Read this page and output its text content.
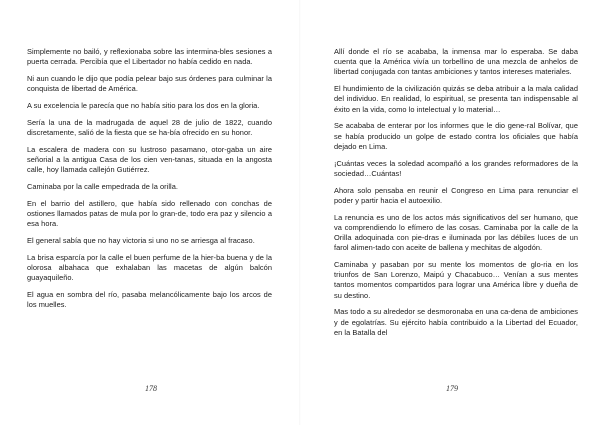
Simplemente no bailó, y reflexionaba sobre las intermina-bles sesiones a puerta cerrada. Percibía que el Libertador no había cedido en nada.

Ni aun cuando le dijo que podía pelear bajo sus órdenes para culminar la conquista de libertad de América.

A su excelencia le parecía que no había sitio para los dos en la gloria.

Sería la una de la madrugada de aquel 28 de julio de 1822, cuando discretamente, salió de la fiesta que se ha-bía ofrecido en su honor.

La escalera de madera con su lustroso pasamano, otor-gaba un aire señorial a la antigua Casa de los cien ven-tanas, situada en la angosta calle, hoy llamada callejón Gutiérrez.

Caminaba por la calle empedrada de la orilla.

En el barrio del astillero, que había sido rellenado con conchas de ostiones llamados patas de mula por lo gran-de, todo era paz y silencio a esa hora.

El general sabía que no hay victoria si uno no se arriesga al fracaso.

La brisa esparcía por la calle el buen perfume de la hier-ba buena y de la olorosa albahaca que exhalaban las macetas de algún balcón guayaquileño.

El agua en sombra del río, pasaba melancólicamente bajo los arcos de los muelles.

178

Allí donde el río se acababa, la inmensa mar lo esperaba. Se daba cuenta que la América vivía un torbellino de una mezcla de anhelos de libertad conjugada con tantas ambiciones y tantos intereses materiales.

El hundimiento de la civilización quizás se deba atribuir a la mala calidad del individuo. En realidad, lo espiritual, se presenta tan indispensable al éxito en la vida, como lo intelectual y lo material…

Se acababa de enterar por los informes que le dio gene-ral Bolívar, que se había producido un golpe de estado contra los oficiales que había dejado en Lima.

¡Cuántas veces la soledad acompañó a los grandes reformadores de la sociedad…Cuántas!

Ahora solo pensaba en reunir el Congreso en Lima para renunciar el poder y partir hacia el autoexilio.

La renuncia es uno de los actos más significativos del ser humano, que va comprendiendo lo efímero de las cosas. Caminaba por la calle de la Orilla adoquinada con pie-dras e iluminada por las débiles luces de un farol alimen-tado con aceite de ballena y mechitas de algodón.

Caminaba y pasaban por su mente los momentos de glo-ria en los triunfos de San Lorenzo, Maipú y Chacabuco… Venían a sus mentes tantos momentos compartidos para lograr una América libre y dueña de su destino.

Mas todo a su alrededor se desmoronaba en una ca-dena de ambiciones y de egolatrías. Su ejército había contribuido a la Libertad del Ecuador, en la Batalla del

179
